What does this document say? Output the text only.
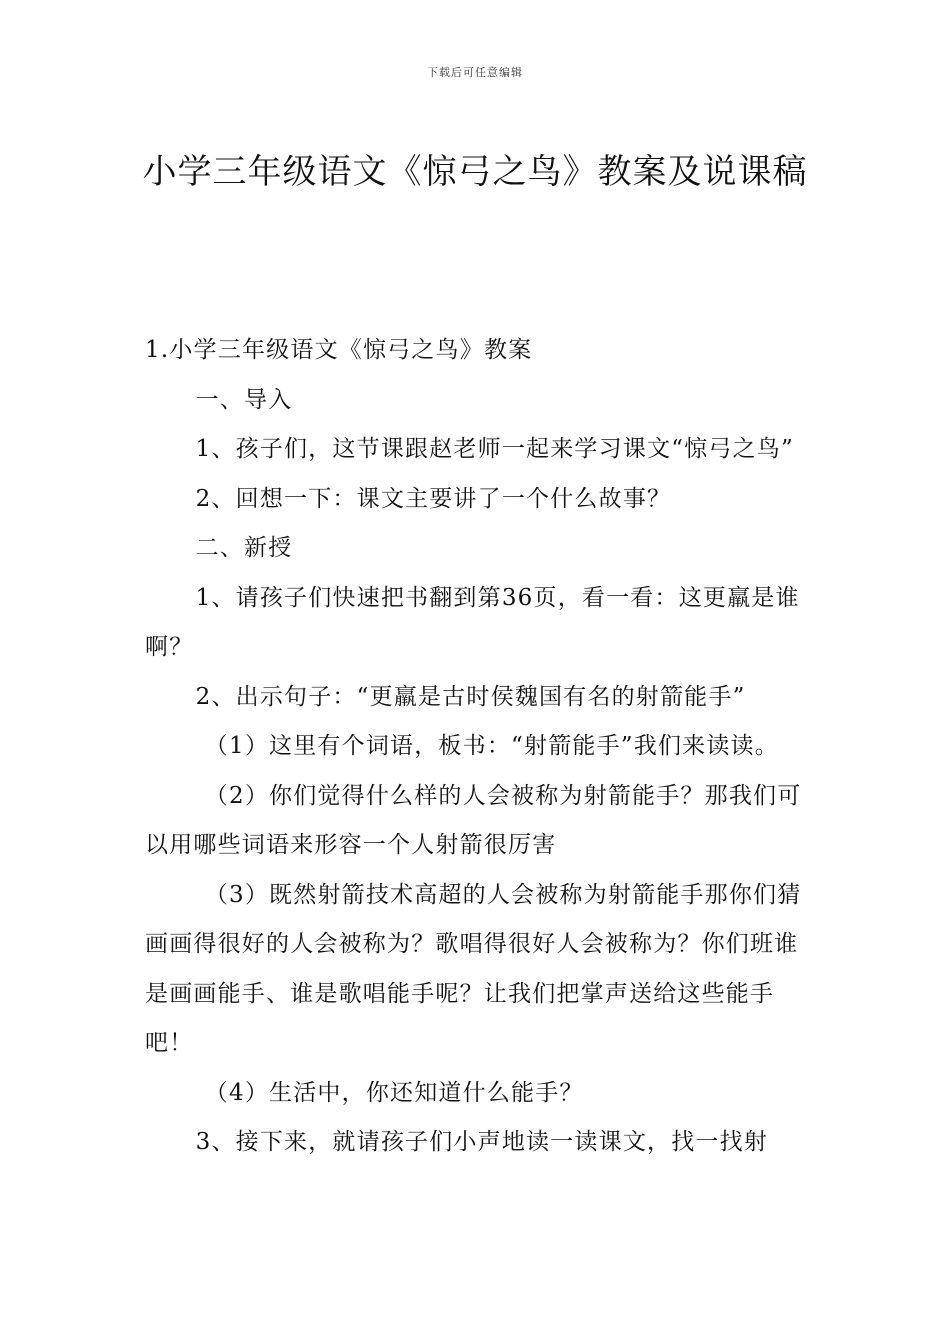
下载后可任意编辑
小学三年级语文《惊弓之鸟》教案及说课稿

1.小学三年级语文《惊弓之鸟》教案

一、导入

1、孩子们，这节课跟赵老师一起来学习课文“惊弓之鸟”

2、回想一下：课文主要讲了一个什么故事？

二、新授

1、请孩子们快速把书翻到第36页，看一看：这更羸是谁啊？

2、出示句子：“更羸是古时侯魏国有名的射箭能手”

（1）这里有个词语，板书：“射箭能手”我们来读读。

（2）你们觉得什么样的人会被称为射箭能手？那我们可以用哪些词语来形容一个人射箭很厉害

（3）既然射箭技术高超的人会被称为射箭能手那你们猜画画得很好的人会被称为？歌唱得很好人会被称为？你们班谁是画画能手、谁是歌唱能手呢？让我们把掌声送给这些能手吧！

（4）生活中，你还知道什么能手？

3、接下来，就请孩子们小声地读一读课文，找一找射
